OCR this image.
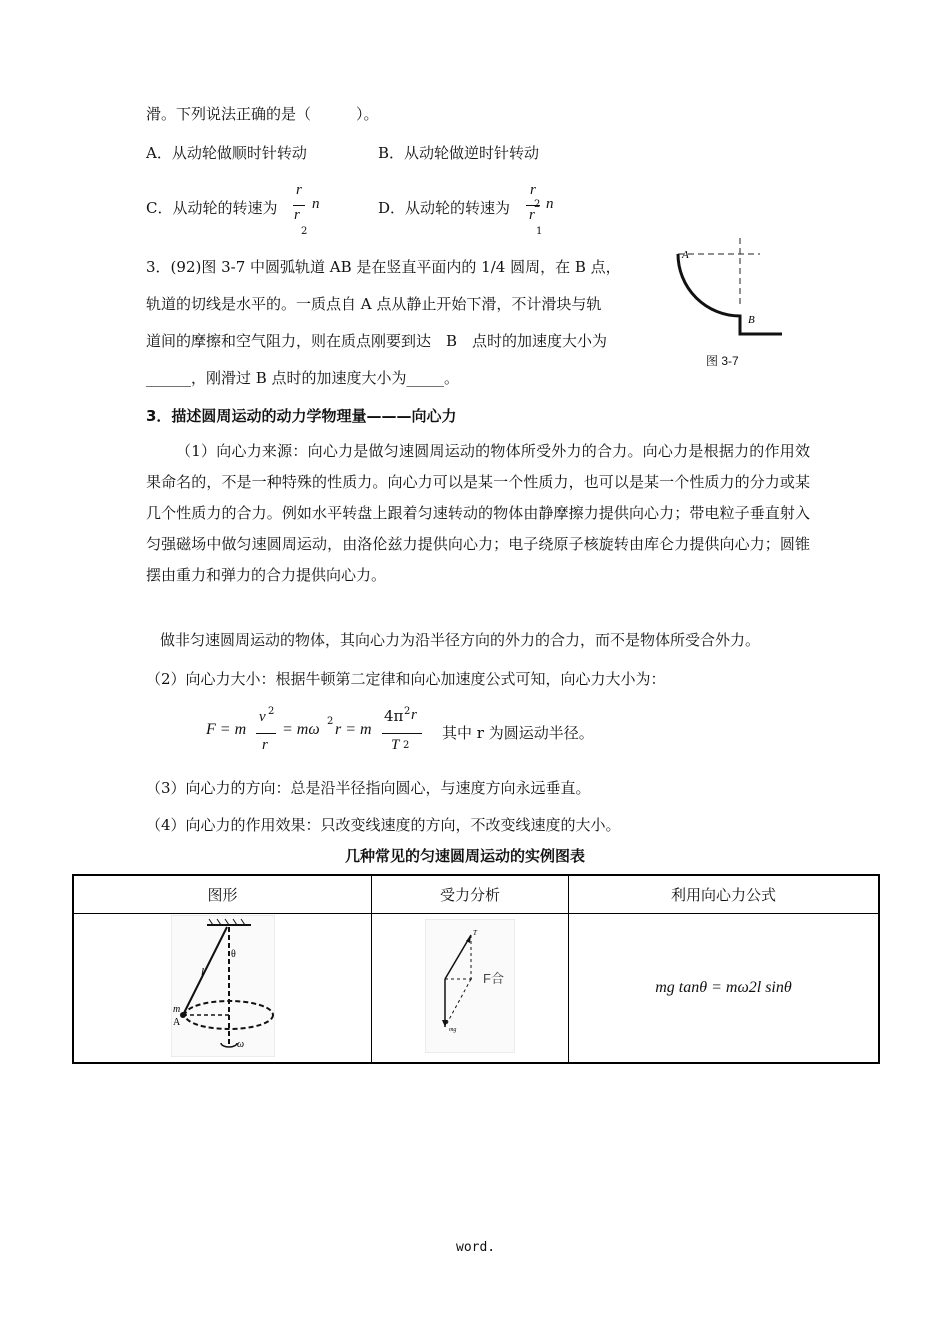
滑。下列说法正确的是（　　　）。
A．从动轮做顺时针转动	B．从动轮做逆时针转动
C．从动轮的转速为
r
r
2
n	D．从动轮的转速为
r
2
r
1
n
3．(92)图 3-7 中圆弧轨道 AB 是在竖直平面内的 1/4 圆周，在 B 点，
轨道的切线是水平的。一质点自 A 点从静止开始下滑，不计滑块与轨
道间的摩擦和空气阻力，则在质点刚要到达　B　点时的加速度大小为
______，刚滑过 B 点时的加速度大小为_____。
A
B
图 3-7
3．描述圆周运动的动力学物理量———向心力
（1）向心力来源：向心力是做匀速圆周运动的物体所受外力的合力。向心力是根据力的作用效果命名的，不是一种特殊的性质力。向心力可以是某一个性质力，也可以是某一个性质力的分力或某几个性质力的合力。例如水平转盘上跟着匀速转动的物体由静摩擦力提供向心力；带电粒子垂直射入匀强磁场中做匀速圆周运动，由洛伦兹力提供向心力；电子绕原子核旋转由库仑力提供向心力；圆锥摆由重力和弹力的合力提供向心力。
做非匀速圆周运动的物体，其向心力为沿半径方向的外力的合力，而不是物体所受合外力。
（2）向心力大小：根据牛顿第二定律和向心加速度公式可知，向心力大小为：
F = m
v 2
r
= mω 2 r = m
4π 2 r
T 2
其中 r 为圆运动半径。
（3）向心力的方向：总是沿半径指向圆心，与速度方向永远垂直。
（4）向心力的作用效果：只改变线速度的方向，不改变线速度的大小。
几种常见的匀速圆周运动的实例图表
图形	受力分析	利用向心力公式

l
θ
m
A
ω	T
F合
mg	mg tanθ = mω2l sinθ
word.
